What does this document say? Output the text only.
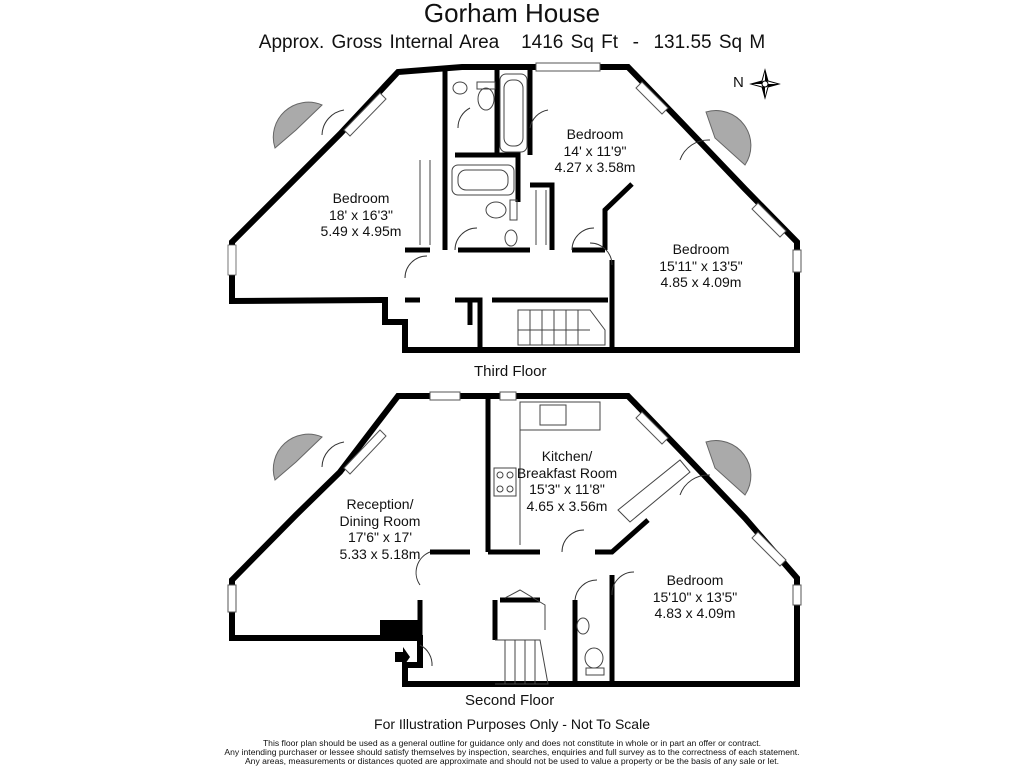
Gorham House
Approx. Gross Internal Area 1416 Sq Ft - 131.55 Sq M
N
Bedroom
18' x 16'3"
5.49 x 4.95m
Bedroom
14' x 11'9"
4.27 x 3.58m
Bedroom
15'11" x 13'5"
4.85 x 4.09m
Third Floor
Reception/
Dining Room
17'6" x 17'
5.33 x 5.18m
Kitchen/
Breakfast Room
15'3" x 11'8"
4.65 x 3.56m
Bedroom
15'10" x 13'5"
4.83 x 4.09m
Second Floor
For Illustration Purposes Only - Not To Scale
This floor plan should be used as a general outline for guidance only and does not constitute in whole or in part an offer or contract.
Any intending purchaser or lessee should satisfy themselves by inspection, searches, enquiries and full survey as to the correctness of each statement.
Any areas, measurements or distances quoted are approximate and should not be used to value a property or be the basis of any sale or let.
